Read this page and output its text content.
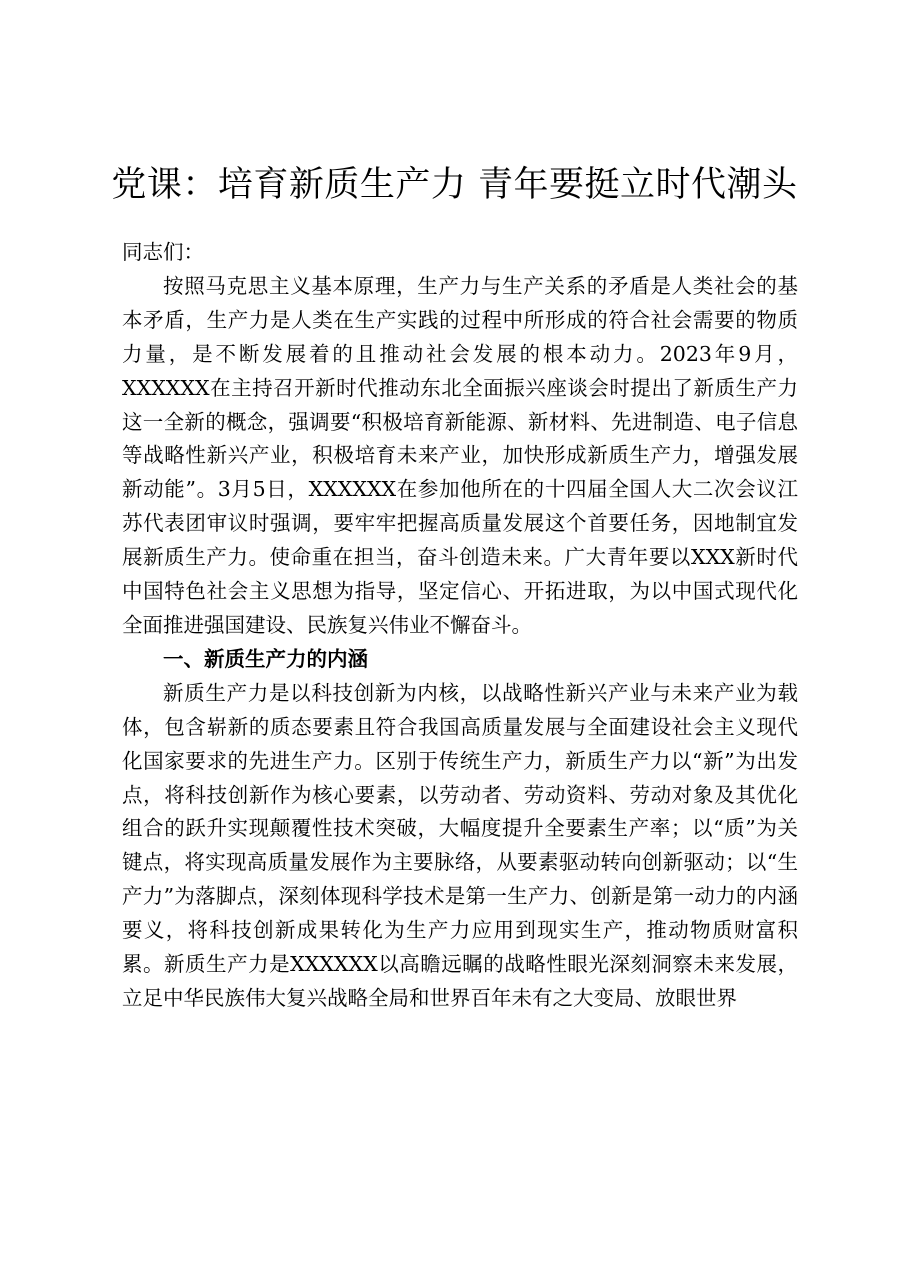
党课：培育新质生产力 青年要挺立时代潮头

同志们：

按照马克思主义基本原理，生产力与生产关系的矛盾是人类社会的基本矛盾，生产力是人类在生产实践的过程中所形成的符合社会需要的物质力量，是不断发展着的且推动社会发展的根本动力。2023年9月，XXXXXX在主持召开新时代推动东北全面振兴座谈会时提出了新质生产力这一全新的概念，强调要“积极培育新能源、新材料、先进制造、电子信息等战略性新兴产业，积极培育未来产业，加快形成新质生产力，增强发展新动能”。3月5日，XXXXXX在参加他所在的十四届全国人大二次会议江苏代表团审议时强调，要牢牢把握高质量发展这个首要任务，因地制宜发展新质生产力。使命重在担当，奋斗创造未来。广大青年要以XXX新时代中国特色社会主义思想为指导，坚定信心、开拓进取，为以中国式现代化全面推进强国建设、民族复兴伟业不懈奋斗。

一、新质生产力的内涵

新质生产力是以科技创新为内核，以战略性新兴产业与未来产业为载体，包含崭新的质态要素且符合我国高质量发展与全面建设社会主义现代化国家要求的先进生产力。区别于传统生产力，新质生产力以“新”为出发点，将科技创新作为核心要素，以劳动者、劳动资料、劳动对象及其优化组合的跃升实现颠覆性技术突破，大幅度提升全要素生产率；以“质”为关键点，将实现高质量发展作为主要脉络，从要素驱动转向创新驱动；以“生产力”为落脚点，深刻体现科学技术是第一生产力、创新是第一动力的内涵要义，将科技创新成果转化为生产力应用到现实生产，推动物质财富积累。新质生产力是XXXXXX以高瞻远瞩的战略性眼光深刻洞察未来发展，立足中华民族伟大复兴战略全局和世界百年未有之大变局、放眼世界
